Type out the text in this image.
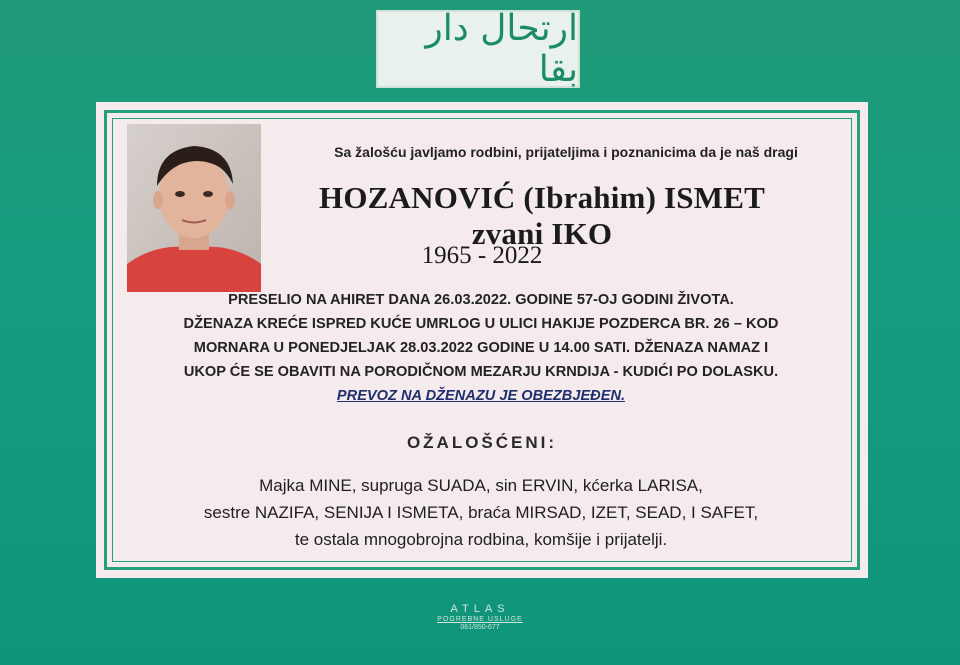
ارتحال دار بقا
Sa žalošću javljamo rodbini, prijateljima i poznanicima da je naš dragi
HOZANOVIĆ (Ibrahim) ISMET zvani IKO
1965 - 2022
PRESELIO NA AHIRET DANA 26.03.2022. GODINE 57-OJ GODINI ŽIVOTA.
DŽENAZA KREĆE ISPRED KUĆE UMRLOG U ULICI HAKIJE POZDERCA BR. 26 – KOD
MORNARA U PONEDJELJAK 28.03.2022 GODINE U 14.00 SATI. DŽENAZA NAMAZ I
UKOP ĆE SE OBAVITI NA PORODIČNOM MEZARJU KRNDIJA - KUDIĆI PO DOLASKU.
PREVOZ NA DŽENAZU JE OBEZBJEĐEN.
OŽALOŠĆENI:
Majka MINE, supruga SUADA, sin ERVIN, kćerka LARISA,
sestre NAZIFA, SENIJA I ISMETA, braća MIRSAD, IZET, SEAD, I SAFET,
te ostala mnogobrojna rodbina, komšije i prijatelji.
ATLAS
POGREBNE USLUGE
061/850-677
